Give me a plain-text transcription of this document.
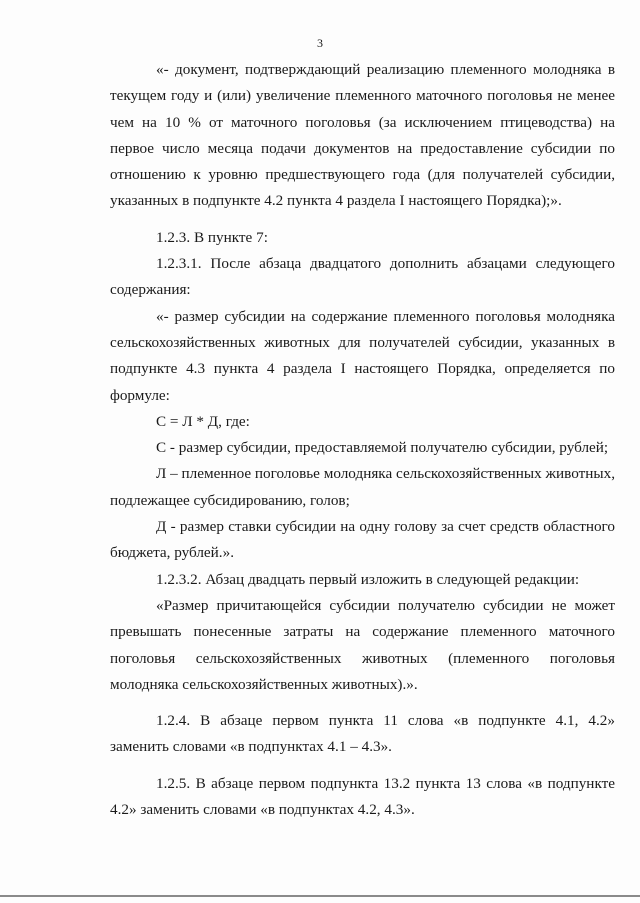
3

«- документ, подтверждающий реализацию племенного молодняка в текущем году и (или) увеличение племенного маточного поголовья не менее чем на 10 % от маточного поголовья (за исключением птицеводства) на первое число месяца подачи документов на предоставление субсидии по отношению к уровню предшествующего года (для получателей субсидии, указанных в подпункте 4.2 пункта 4 раздела I настоящего Порядка);».

1.2.3. В пункте 7:

1.2.3.1. После абзаца двадцатого дополнить абзацами следующего содержания:

«- размер субсидии на содержание племенного поголовья молодняка сельскохозяйственных животных для получателей субсидии, указанных в подпункте 4.3 пункта 4 раздела I настоящего Порядка, определяется по формуле:

С = Л * Д, где:

С - размер субсидии, предоставляемой получателю субсидии, рублей;

Л – племенное поголовье молодняка сельскохозяйственных животных, подлежащее субсидированию, голов;

Д - размер ставки субсидии на одну голову за счет средств областного бюджета, рублей.».

1.2.3.2. Абзац двадцать первый изложить в следующей редакции:

«Размер причитающейся субсидии получателю субсидии не может превышать понесенные затраты на содержание племенного маточного поголовья сельскохозяйственных животных (племенного поголовья молодняка сельскохозяйственных животных).».

1.2.4. В абзаце первом пункта 11 слова «в подпункте 4.1, 4.2» заменить словами «в подпунктах 4.1 – 4.3».

1.2.5. В абзаце первом подпункта 13.2 пункта 13 слова «в подпункте 4.2» заменить словами «в подпунктах 4.2, 4.3».
